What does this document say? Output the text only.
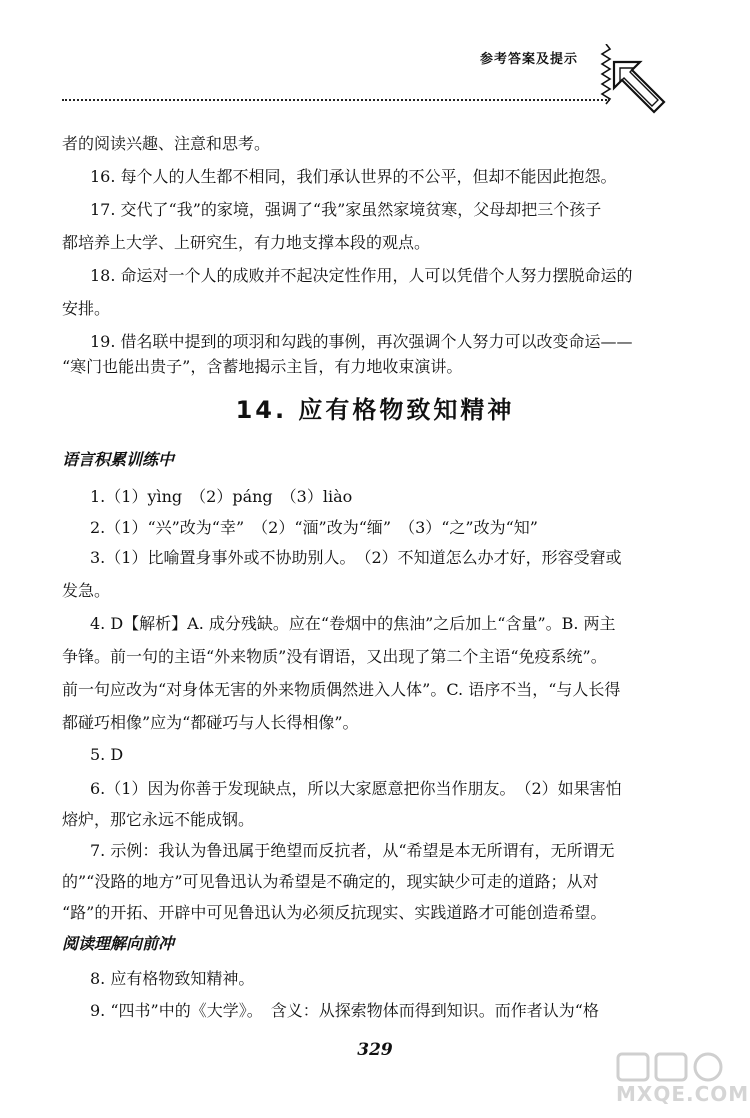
参考答案及提示
者的阅读兴趣、注意和思考。
16. 每个人的人生都不相同，我们承认世界的不公平，但却不能因此抱怨。
17. 交代了“我”的家境，强调了“我”家虽然家境贫寒，父母却把三个孩子
都培养上大学、上研究生，有力地支撑本段的观点。
18. 命运对一个人的成败并不起决定性作用，人可以凭借个人努力摆脱命运的
安排。
19. 借名联中提到的项羽和勾践的事例，再次强调个人努力可以改变命运——
“寒门也能出贵子”，含蓄地揭示主旨，有力地收束演讲。
14. 应有格物致知精神
语言积累训练中
1.（1）yìng　（2）páng　（3）liào
2.（1）“兴”改为“幸”　（2）“湎”改为“缅”　（3）“之”改为“知”
3.（1）比喻置身事外或不协助别人。　（2）不知道怎么办才好，形容受窘或
发急。
4. D【解析】A. 成分残缺。应在“卷烟中的焦油”之后加上“含量”。B. 两主
争锋。前一句的主语“外来物质”没有谓语，又出现了第二个主语“免疫系统”。
前一句应改为“对身体无害的外来物质偶然进入人体”。C. 语序不当，“与人长得
都碰巧相像”应为“都碰巧与人长得相像”。
5. D
6.（1）因为你善于发现缺点，所以大家愿意把你当作朋友。　（2）如果害怕
熔炉，那它永远不能成钢。
7. 示例：我认为鲁迅属于绝望而反抗者，从“希望是本无所谓有，无所谓无
的”“没路的地方”可见鲁迅认为希望是不确定的，现实缺少可走的道路；从对
“路”的开拓、开辟中可见鲁迅认为必须反抗现实、实践道路才可能创造希望。
阅读理解向前冲
8. 应有格物致知精神。
9. “四书”中的《大学》。　含义：从探索物体而得到知识。而作者认为“格
329
MXQE.COM
